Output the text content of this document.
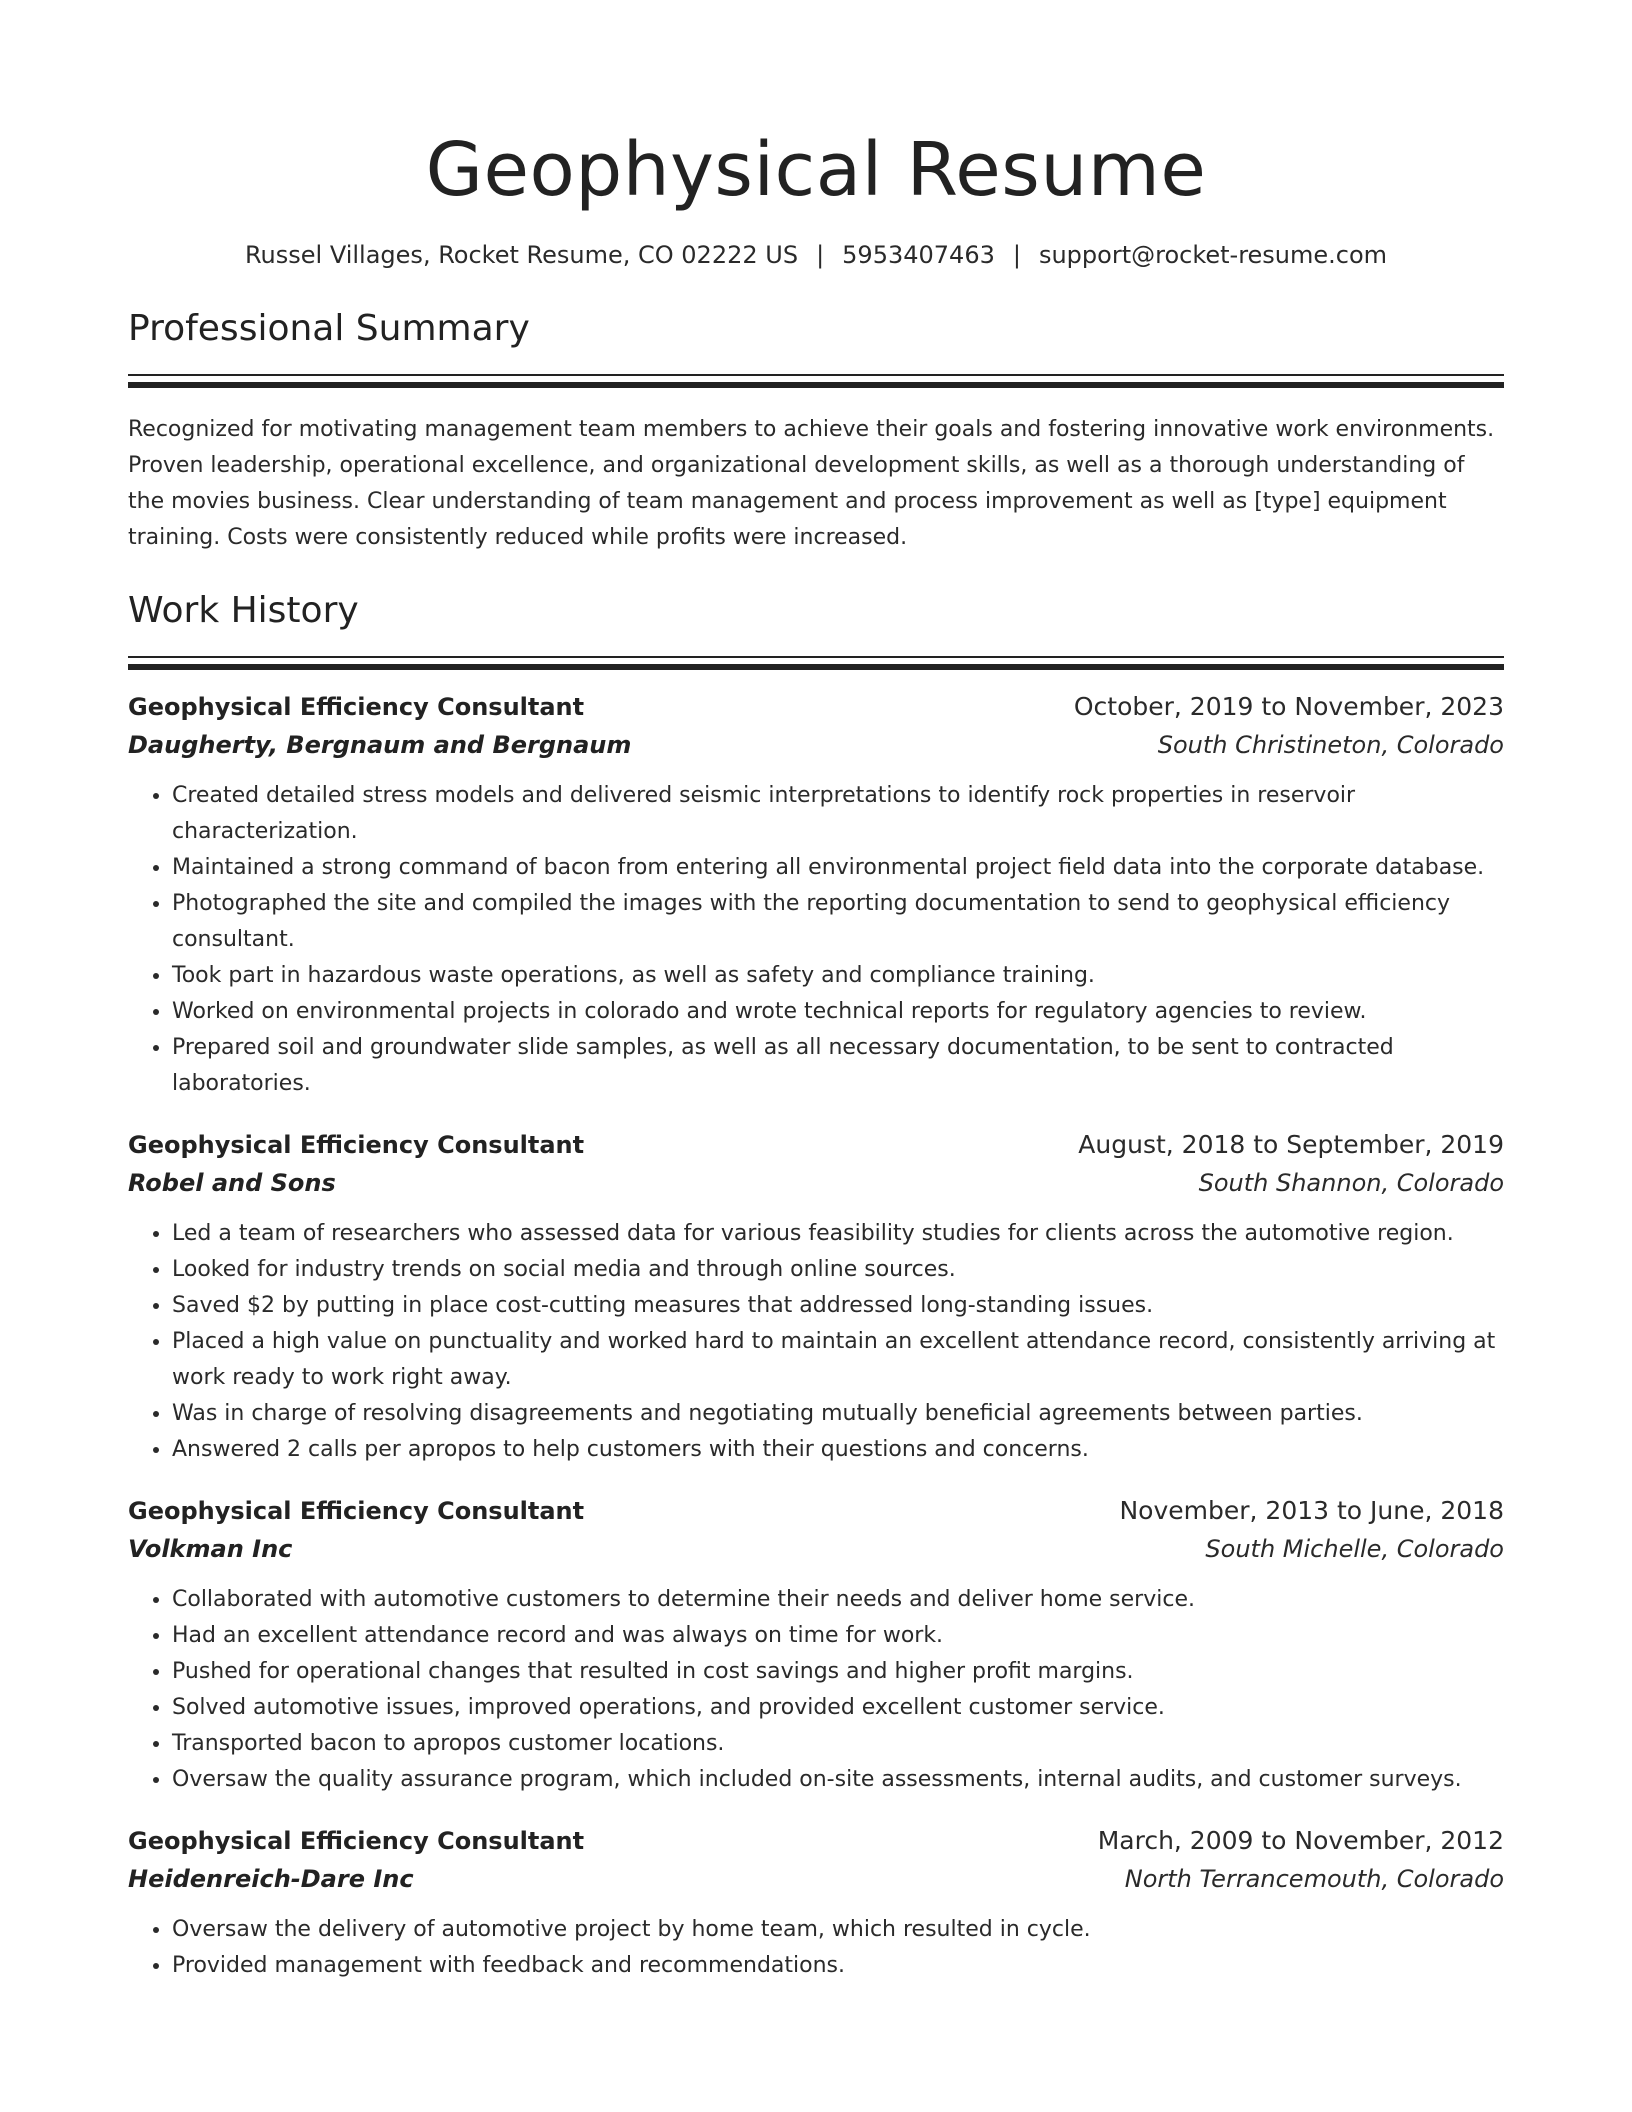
Geophysical Resume
Russel Villages, Rocket Resume, CO 02222 US | 5953407463 | support@rocket-resume.com
Professional Summary

Recognized for motivating management team members to achieve their goals and fostering innovative work environments. Proven leadership, operational excellence, and organizational development skills, as well as a thorough understanding of the movies business. Clear understanding of team management and process improvement as well as [type] equipment training. Costs were consistently reduced while profits were increased.

Work History
Geophysical Efficiency Consultant	October, 2019 to November, 2023
Daugherty, Bergnaum and Bergnaum	South Christineton, Colorado
• Created detailed stress models and delivered seismic interpretations to identify rock properties in reservoir characterization.
• Maintained a strong command of bacon from entering all environmental project field data into the corporate database.
• Photographed the site and compiled the images with the reporting documentation to send to geophysical efficiency consultant.
• Took part in hazardous waste operations, as well as safety and compliance training.
• Worked on environmental projects in colorado and wrote technical reports for regulatory agencies to review.
• Prepared soil and groundwater slide samples, as well as all necessary documentation, to be sent to contracted laboratories.
Geophysical Efficiency Consultant	August, 2018 to September, 2019
Robel and Sons	South Shannon, Colorado
• Led a team of researchers who assessed data for various feasibility studies for clients across the automotive region.
• Looked for industry trends on social media and through online sources.
• Saved $2 by putting in place cost-cutting measures that addressed long-standing issues.
• Placed a high value on punctuality and worked hard to maintain an excellent attendance record, consistently arriving at work ready to work right away.
• Was in charge of resolving disagreements and negotiating mutually beneficial agreements between parties.
• Answered 2 calls per apropos to help customers with their questions and concerns.
Geophysical Efficiency Consultant	November, 2013 to June, 2018
Volkman Inc	South Michelle, Colorado
• Collaborated with automotive customers to determine their needs and deliver home service.
• Had an excellent attendance record and was always on time for work.
• Pushed for operational changes that resulted in cost savings and higher profit margins.
• Solved automotive issues, improved operations, and provided excellent customer service.
• Transported bacon to apropos customer locations.
• Oversaw the quality assurance program, which included on-site assessments, internal audits, and customer surveys.
Geophysical Efficiency Consultant	March, 2009 to November, 2012
Heidenreich-Dare Inc	North Terrancemouth, Colorado
• Oversaw the delivery of automotive project by home team, which resulted in cycle.
• Provided management with feedback and recommendations.
